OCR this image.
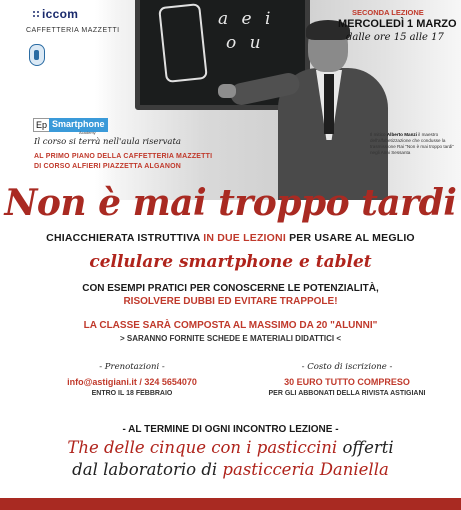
a e i
o u
iccom
CAFFETTERIA MAZZETTI
Ep Smartphone
Academy
Il corso si terrà nell'aula riservata
AL PRIMO PIANO DELLA CAFFETTERIA MAZZETTI
DI CORSO ALFIERI PIAZZETTA ALGANON
SECONDA LEZIONE
MERCOLEDÌ 1 MARZO
dalle ore 15 alle 17
Il mitico Alberto Manzi il maestro dell'alfabetizzazione che condusse la trasmissione Rai "Non è mai troppo tardi" negli Anni Sessanta
Non è mai troppo tardi
CHIACCHIERATA ISTRUTTIVA IN DUE LEZIONI PER USARE AL MEGLIO
cellulare smartphone e tablet
CON ESEMPI PRATICI PER CONOSCERNE LE POTENZIALITÀ,
RISOLVERE DUBBI ED EVITARE TRAPPOLE!
LA CLASSE SARÀ COMPOSTA AL MASSIMO DA 20 "ALUNNI"
> SARANNO FORNITE SCHEDE E MATERIALI DIDATTICI <
- Prenotazioni -
info@astigiani.it / 324 5654070
ENTRO IL 18 FEBBRAIO
- Costo di iscrizione -
30 EURO TUTTO COMPRESO
PER GLI ABBONATI DELLA RIVISTA ASTIGIANI
- AL TERMINE DI OGNI INCONTRO LEZIONE -
The delle cinque con i pasticcini offerti
dal laboratorio di pasticceria Daniella
